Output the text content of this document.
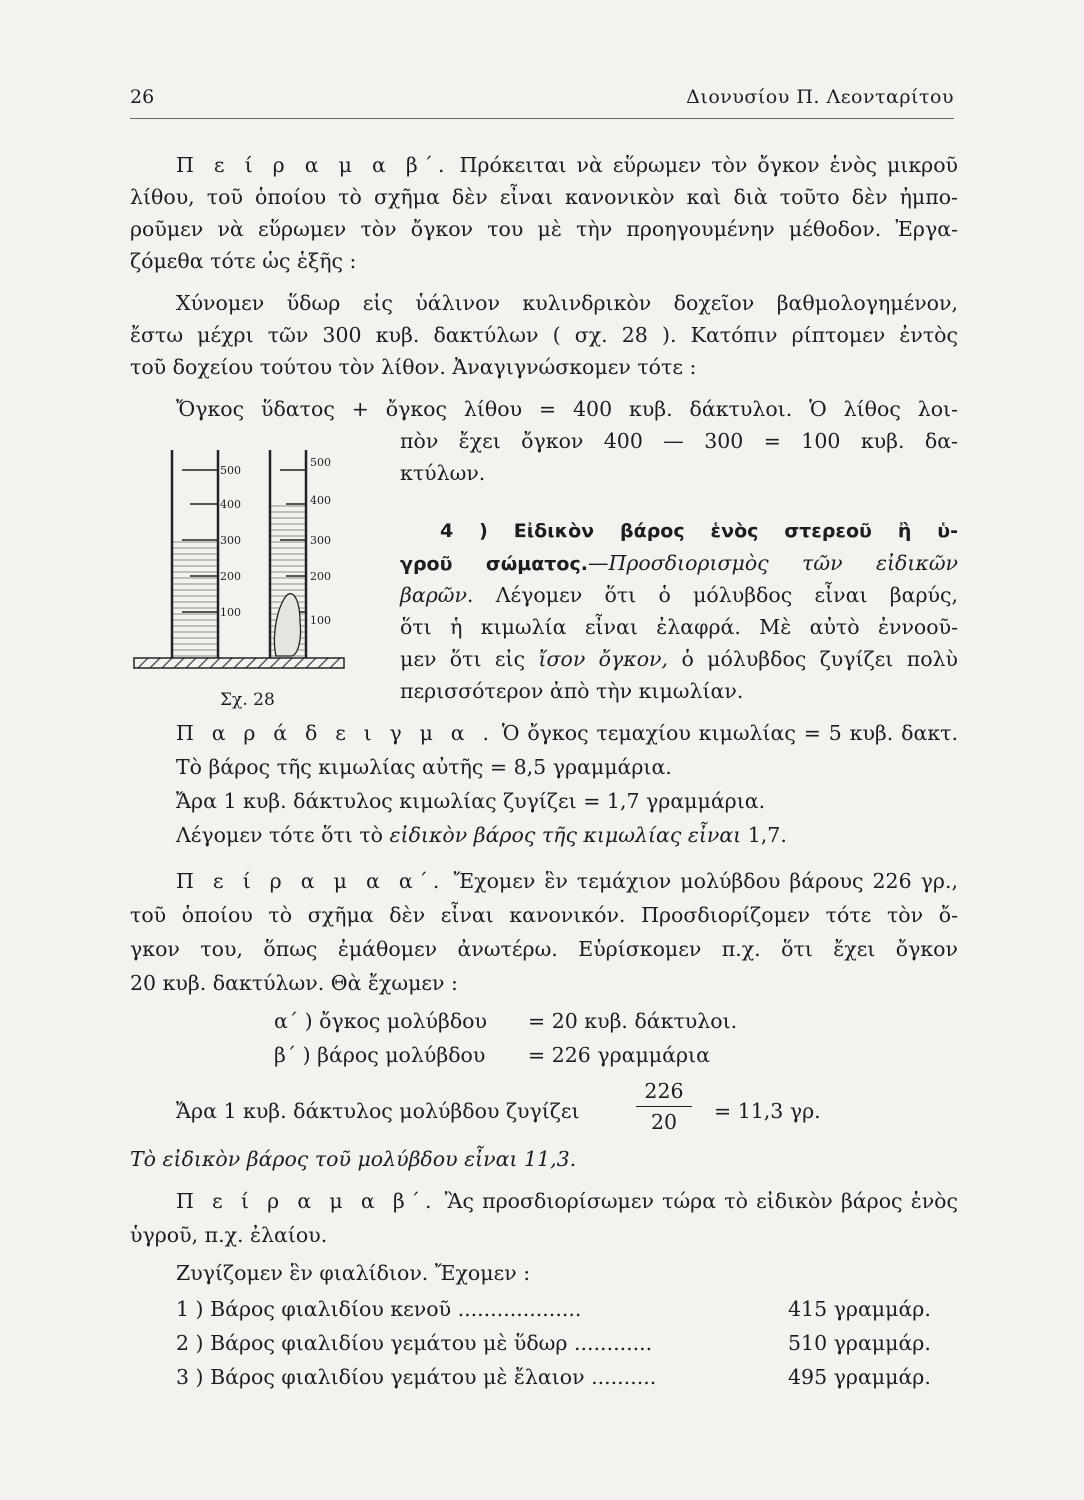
26	Διονυσίου Π. Λεονταρίτου
Π ε ί ρ α μ α β΄. Πρόκειται νὰ εὕρωμεν τὸν ὄγκον ἑνὸς μικροῦ
λίθου, τοῦ ὁποίου τὸ σχῆμα δὲν εἶναι κανονικὸν καὶ διὰ τοῦτο δὲν ἠμπο-
ροῦμεν νὰ εὕρωμεν τὸν ὄγκον του μὲ τὴν προηγουμένην μέθοδον. Ἐργα-
ζόμεθα τότε ὡς ἑξῆς :
Χύνομεν ὕδωρ εἰς ὑάλινον κυλινδρικὸν δοχεῖον βαθμολογημένον,
ἔστω μέχρι τῶν 300 κυβ. δακτύλων ( σχ. 28 ). Κατόπιν ρίπτομεν ἐντὸς
τοῦ δοχείου τούτου τὸν λίθον. Ἀναγιγνώσκομεν τότε :
Ὄγκος ὕδατος + ὄγκος λίθου = 400 κυβ. δάκτυλοι. Ὁ λίθος λοι-
πὸν ἔχει ὄγκον 400 — 300 = 100 κυβ. δα-
κτύλων.
500
400
300
200
100
500
400
300
200
100
Σχ. 28
4 ) Εἰδικὸν βάρος ἑνὸς στερεοῦ ἢ ὑ-
γροῦ σώματος.—Προσδιορισμὸς τῶν εἰδικῶν
βαρῶν. Λέγομεν ὅτι ὁ μόλυβδος εἶναι βαρύς,
ὅτι ἡ κιμωλία εἶναι ἐλαφρά. Μὲ αὐτὸ ἐννοοῦ-
μεν ὅτι εἰς ἴσον ὄγκον, ὁ μόλυβδος ζυγίζει πολὺ
περισσότερον ἀπὸ τὴν κιμωλίαν.
Π α ρ ά δ ε ι γ μ α . Ὁ ὄγκος τεμαχίου κιμωλίας = 5 κυβ. δακτ.
Τὸ βάρος τῆς κιμωλίας αὐτῆς = 8,5 γραμμάρια.
Ἄρα 1 κυβ. δάκτυλος κιμωλίας ζυγίζει = 1,7 γραμμάρια.
Λέγομεν τότε ὅτι τὸ εἰδικὸν βάρος τῆς κιμωλίας εἶναι 1,7.
Π ε ί ρ α μ α α΄. Ἔχομεν ἓν τεμάχιον μολύβδου βάρους 226 γρ.,
τοῦ ὁποίου τὸ σχῆμα δὲν εἶναι κανονικόν. Προσδιορίζομεν τότε τὸν ὄ-
γκον του, ὅπως ἐμάθομεν ἀνωτέρω. Εὑρίσκομεν π.χ. ὅτι ἔχει ὄγκον
20 κυβ. δακτύλων. Θὰ ἔχωμεν :
α΄ ) ὄγκος μολύβδου = 20 κυβ. δάκτυλοι.
β΄ ) βάρος μολύβδου = 226 γραμμάρια
Ἄρα 1 κυβ. δάκτυλος μολύβδου ζυγίζει
226
20	= 11,3 γρ.
Τὸ εἰδικὸν βάρος τοῦ μολύβδου εἶναι 11,3.
Π ε ί ρ α μ α β΄. Ἂς προσδιορίσωμεν τώρα τὸ εἰδικὸν βάρος ἑνὸς
ὑγροῦ, π.χ. ἐλαίου.
Ζυγίζομεν ἓν φιαλίδιον. Ἔχομεν :
1 ) Βάρος φιαλιδίου κενοῦ ...................	415 γραμμάρ.
2 ) Βάρος φιαλιδίου γεμάτου μὲ ὕδωρ ............	510 γραμμάρ.
3 ) Βάρος φιαλιδίου γεμάτου μὲ ἔλαιον ..........	495 γραμμάρ.
